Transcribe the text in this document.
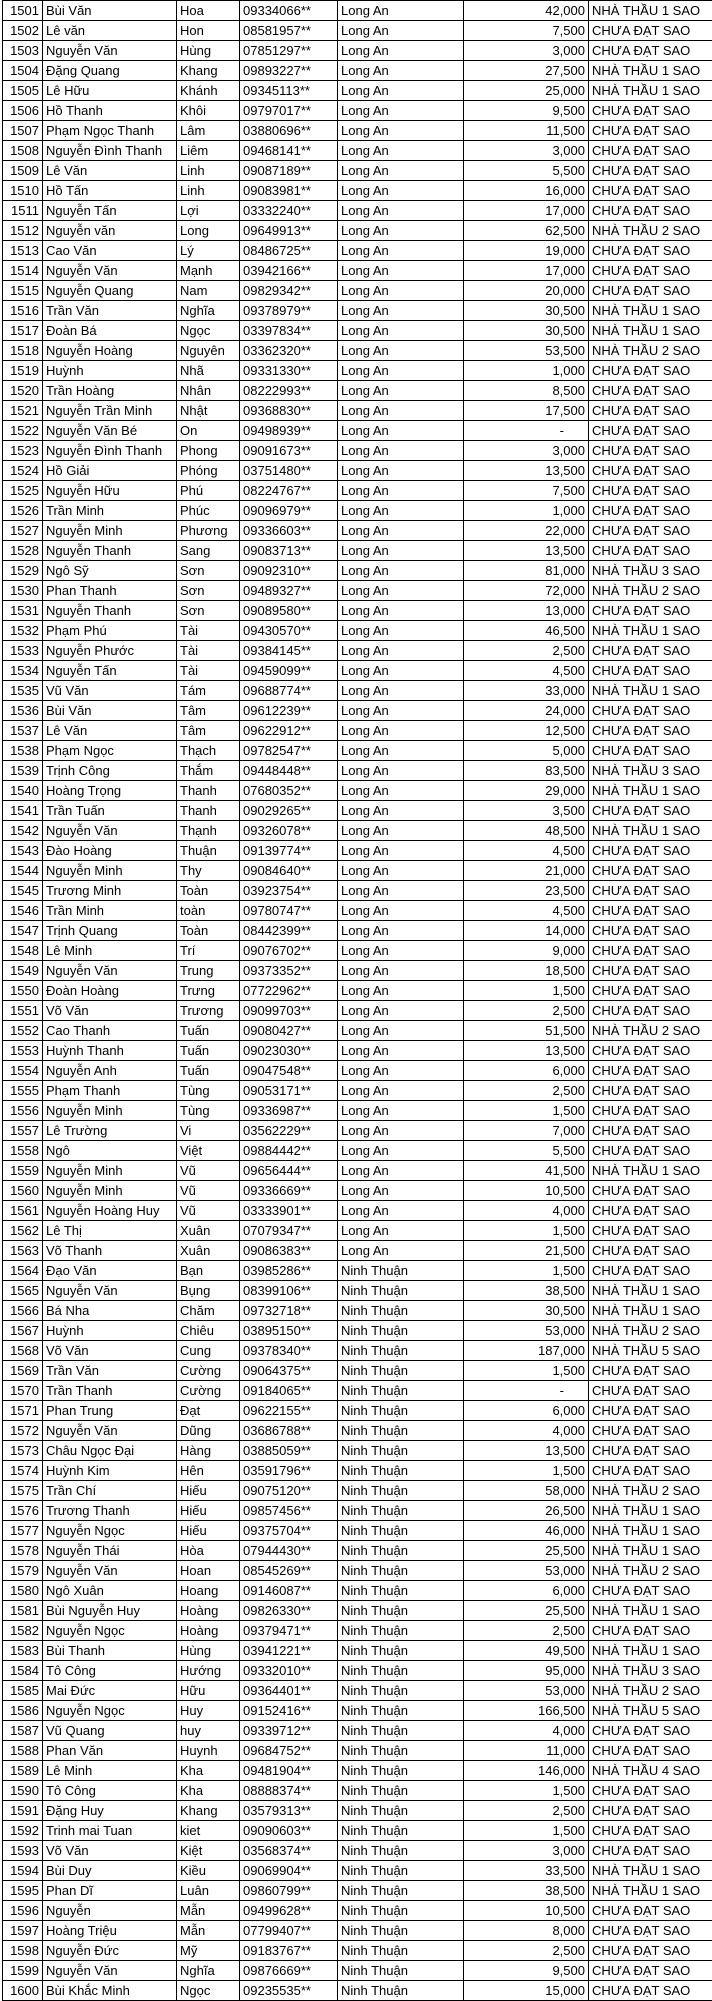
1501	Bùi Văn	Hoa	09334066**	Long An	42,000	NHÀ THẦU 1 SAO
1502	Lê văn	Hon	08581957**	Long An	7,500	CHƯA ĐẠT SAO
1503	Nguyễn Văn	Hùng	07851297**	Long An	3,000	CHƯA ĐẠT SAO
1504	Đặng Quang	Khang	09893227**	Long An	27,500	NHÀ THẦU 1 SAO
1505	Lê Hữu	Khánh	09345113**	Long An	25,000	NHÀ THẦU 1 SAO
1506	Hồ Thanh	Khôi	09797017**	Long An	9,500	CHƯA ĐẠT SAO
1507	Phạm Ngọc Thanh	Lâm	03880696**	Long An	11,500	CHƯA ĐẠT SAO
1508	Nguyễn Đình Thanh	Liêm	09468141**	Long An	3,000	CHƯA ĐẠT SAO
1509	Lê Văn	Linh	09087189**	Long An	5,500	CHƯA ĐẠT SAO
1510	Hồ Tấn	Linh	09083981**	Long An	16,000	CHƯA ĐẠT SAO
1511	Nguyễn Tấn	Lợi	03332240**	Long An	17,000	CHƯA ĐẠT SAO
1512	Nguyễn văn	Long	09649913**	Long An	62,500	NHÀ THẦU 2 SAO
1513	Cao Văn	Lý	08486725**	Long An	19,000	CHƯA ĐẠT SAO
1514	Nguyễn Văn	Mạnh	03942166**	Long An	17,000	CHƯA ĐẠT SAO
1515	Nguyễn Quang	Nam	09829342**	Long An	20,000	CHƯA ĐẠT SAO
1516	Trần Văn	Nghĩa	09378979**	Long An	30,500	NHÀ THẦU 1 SAO
1517	Đoàn Bá	Ngọc	03397834**	Long An	30,500	NHÀ THẦU 1 SAO
1518	Nguyễn Hoàng	Nguyên	03362320**	Long An	53,500	NHÀ THẦU 2 SAO
1519	Huỳnh	Nhã	09331330**	Long An	1,000	CHƯA ĐẠT SAO
1520	Trần Hoàng	Nhân	08222993**	Long An	8,500	CHƯA ĐẠT SAO
1521	Nguyễn Trần Minh	Nhật	09368830**	Long An	17,500	CHƯA ĐẠT SAO
1522	Nguyễn Văn Bé	On	09498939**	Long An	-	CHƯA ĐẠT SAO
1523	Nguyễn Đình Thanh	Phong	09091673**	Long An	3,000	CHƯA ĐẠT SAO
1524	Hồ Giải	Phóng	03751480**	Long An	13,500	CHƯA ĐẠT SAO
1525	Nguyễn Hữu	Phú	08224767**	Long An	7,500	CHƯA ĐẠT SAO
1526	Trần Minh	Phúc	09096979**	Long An	1,000	CHƯA ĐẠT SAO
1527	Nguyễn Minh	Phương	09336603**	Long An	22,000	CHƯA ĐẠT SAO
1528	Nguyễn Thanh	Sang	09083713**	Long An	13,500	CHƯA ĐẠT SAO
1529	Ngô Sỹ	Sơn	09092310**	Long An	81,000	NHÀ THẦU 3 SAO
1530	Phan Thanh	Sơn	09489327**	Long An	72,000	NHÀ THẦU 2 SAO
1531	Nguyễn Thanh	Sơn	09089580**	Long An	13,000	CHƯA ĐẠT SAO
1532	Phạm Phú	Tài	09430570**	Long An	46,500	NHÀ THẦU 1 SAO
1533	Nguyễn Phước	Tài	09384145**	Long An	2,500	CHƯA ĐẠT SAO
1534	Nguyễn Tấn	Tài	09459099**	Long An	4,500	CHƯA ĐẠT SAO
1535	Vũ Văn	Tám	09688774**	Long An	33,000	NHÀ THẦU 1 SAO
1536	Bùi Văn	Tâm	09612239**	Long An	24,000	CHƯA ĐẠT SAO
1537	Lê Văn	Tâm	09622912**	Long An	12,500	CHƯA ĐẠT SAO
1538	Phạm Ngọc	Thạch	09782547**	Long An	5,000	CHƯA ĐẠT SAO
1539	Trịnh Công	Thắm	09448448**	Long An	83,500	NHÀ THẦU 3 SAO
1540	Hoàng Trọng	Thanh	07680352**	Long An	29,000	NHÀ THẦU 1 SAO
1541	Trần Tuấn	Thanh	09029265**	Long An	3,500	CHƯA ĐẠT SAO
1542	Nguyễn Văn	Thạnh	09326078**	Long An	48,500	NHÀ THẦU 1 SAO
1543	Đào Hoàng	Thuận	09139774**	Long An	4,500	CHƯA ĐẠT SAO
1544	Nguyễn Minh	Thy	09084640**	Long An	21,000	CHƯA ĐẠT SAO
1545	Trương Minh	Toàn	03923754**	Long An	23,500	CHƯA ĐẠT SAO
1546	Trần Minh	toàn	09780747**	Long An	4,500	CHƯA ĐẠT SAO
1547	Trịnh Quang	Toàn	08442399**	Long An	14,000	CHƯA ĐẠT SAO
1548	Lê Minh	Trí	09076702**	Long An	9,000	CHƯA ĐẠT SAO
1549	Nguyễn Văn	Trung	09373352**	Long An	18,500	CHƯA ĐẠT SAO
1550	Đoàn Hoàng	Trưng	07722962**	Long An	1,500	CHƯA ĐẠT SAO
1551	Võ Văn	Trương	09099703**	Long An	2,500	CHƯA ĐẠT SAO
1552	Cao Thanh	Tuấn	09080427**	Long An	51,500	NHÀ THẦU 2 SAO
1553	Huỳnh Thanh	Tuấn	09023030**	Long An	13,500	CHƯA ĐẠT SAO
1554	Nguyễn Anh	Tuấn	09047548**	Long An	6,000	CHƯA ĐẠT SAO
1555	Phạm Thanh	Tùng	09053171**	Long An	2,500	CHƯA ĐẠT SAO
1556	Nguyễn Minh	Tùng	09336987**	Long An	1,500	CHƯA ĐẠT SAO
1557	Lê Trường	Vi	03562229**	Long An	7,000	CHƯA ĐẠT SAO
1558	Ngô	Việt	09884442**	Long An	5,500	CHƯA ĐẠT SAO
1559	Nguyễn Minh	Vũ	09656444**	Long An	41,500	NHÀ THẦU 1 SAO
1560	Nguyễn Minh	Vũ	09336669**	Long An	10,500	CHƯA ĐẠT SAO
1561	Nguyễn Hoàng Huy	Vũ	03333901**	Long An	4,000	CHƯA ĐẠT SAO
1562	Lê Thị	Xuân	07079347**	Long An	1,500	CHƯA ĐẠT SAO
1563	Võ Thanh	Xuân	09086383**	Long An	21,500	CHƯA ĐẠT SAO
1564	Đạo Văn	Bạn	03985286**	Ninh Thuận	1,500	CHƯA ĐẠT SAO
1565	Nguyễn Văn	Bụng	08399106**	Ninh Thuận	38,500	NHÀ THẦU 1 SAO
1566	Bá Nha	Chăm	09732718**	Ninh Thuận	30,500	NHÀ THẦU 1 SAO
1567	Huỳnh	Chiêu	03895150**	Ninh Thuận	53,000	NHÀ THẦU 2 SAO
1568	Võ Văn	Cung	09378340**	Ninh Thuận	187,000	NHÀ THẦU 5 SAO
1569	Trần Văn	Cường	09064375**	Ninh Thuận	1,500	CHƯA ĐẠT SAO
1570	Trần Thanh	Cường	09184065**	Ninh Thuận	-	CHƯA ĐẠT SAO
1571	Phan Trung	Đạt	09622155**	Ninh Thuận	6,000	CHƯA ĐẠT SAO
1572	Nguyễn Văn	Dũng	03686788**	Ninh Thuận	4,000	CHƯA ĐẠT SAO
1573	Châu Ngọc Đại	Hàng	03885059**	Ninh Thuận	13,500	CHƯA ĐẠT SAO
1574	Huỳnh Kim	Hên	03591796**	Ninh Thuận	1,500	CHƯA ĐẠT SAO
1575	Trần Chí	Hiếu	09075120**	Ninh Thuận	58,000	NHÀ THẦU 2 SAO
1576	Trương Thanh	Hiếu	09857456**	Ninh Thuận	26,500	NHÀ THẦU 1 SAO
1577	Nguyễn Ngọc	Hiếu	09375704**	Ninh Thuận	46,000	NHÀ THẦU 1 SAO
1578	Nguyễn Thái	Hòa	07944430**	Ninh Thuận	25,500	NHÀ THẦU 1 SAO
1579	Nguyễn Văn	Hoan	08545269**	Ninh Thuận	53,000	NHÀ THẦU 2 SAO
1580	Ngô Xuân	Hoang	09146087**	Ninh Thuận	6,000	CHƯA ĐẠT SAO
1581	Bùi Nguyễn Huy	Hoàng	09826330**	Ninh Thuận	25,500	NHÀ THẦU 1 SAO
1582	Nguyễn Ngọc	Hoàng	09379471**	Ninh Thuận	2,500	CHƯA ĐẠT SAO
1583	Bùi Thanh	Hùng	03941221**	Ninh Thuận	49,500	NHÀ THẦU 1 SAO
1584	Tô Công	Hướng	09332010**	Ninh Thuận	95,000	NHÀ THẦU 3 SAO
1585	Mai Đức	Hữu	09364401**	Ninh Thuận	53,000	NHÀ THẦU 2 SAO
1586	Nguyễn Ngọc	Huy	09152416**	Ninh Thuận	166,500	NHÀ THẦU 5 SAO
1587	Vũ Quang	huy	09339712**	Ninh Thuận	4,000	CHƯA ĐẠT SAO
1588	Phan Văn	Huynh	09684752**	Ninh Thuận	11,000	CHƯA ĐẠT SAO
1589	Lê Minh	Kha	09481904**	Ninh Thuận	146,000	NHÀ THẦU 4 SAO
1590	Tô Công	Kha	08888374**	Ninh Thuận	1,500	CHƯA ĐẠT SAO
1591	Đặng Huy	Khang	03579313**	Ninh Thuận	2,500	CHƯA ĐẠT SAO
1592	Trinh mai Tuan	kiet	09090603**	Ninh Thuận	1,500	CHƯA ĐẠT SAO
1593	Võ Văn	Kiệt	03568374**	Ninh Thuận	3,000	CHƯA ĐẠT SAO
1594	Bùi Duy	Kiều	09069904**	Ninh Thuận	33,500	NHÀ THẦU 1 SAO
1595	Phan Dĩ	Luân	09860799**	Ninh Thuận	38,500	NHÀ THẦU 1 SAO
1596	Nguyễn	Mẫn	09499628**	Ninh Thuận	10,500	CHƯA ĐẠT SAO
1597	Hoàng Triệu	Mẫn	07799407**	Ninh Thuận	8,000	CHƯA ĐẠT SAO
1598	Nguyễn Đức	Mỹ	09183767**	Ninh Thuận	2,500	CHƯA ĐẠT SAO
1599	Nguyễn Văn	Nghĩa	09876669**	Ninh Thuận	9,500	CHƯA ĐẠT SAO
1600	Bùi Khắc Minh	Ngọc	09235535**	Ninh Thuận	15,000	CHƯA ĐẠT SAO
